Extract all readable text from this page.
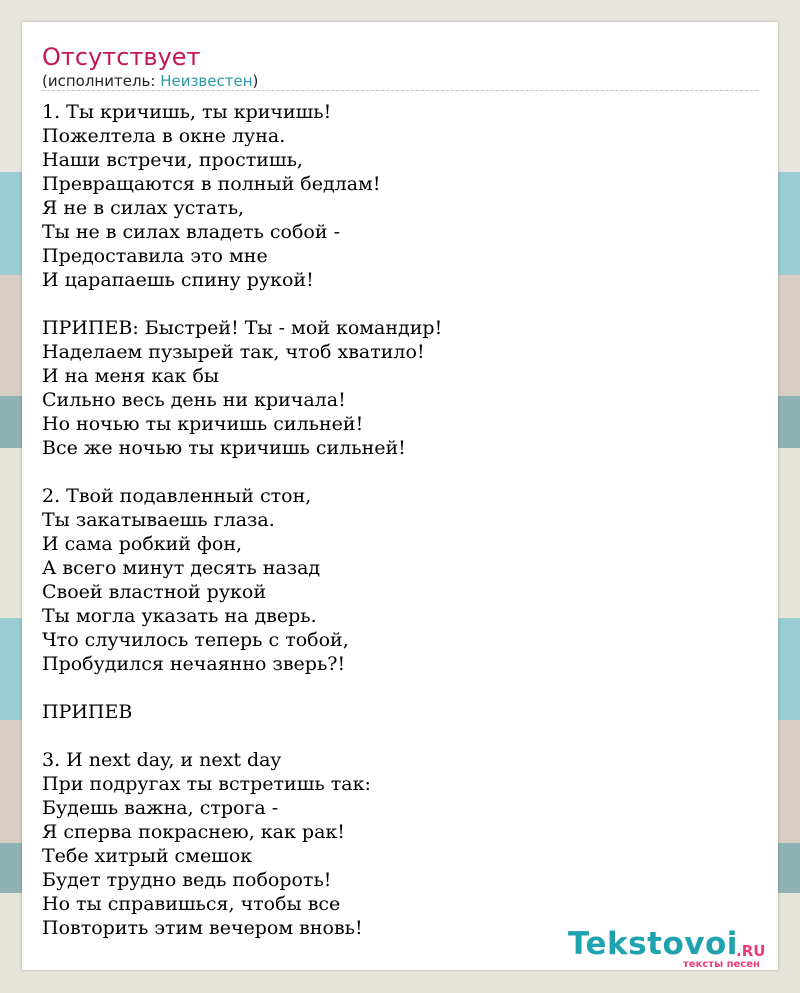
Отсутствует
(исполнитель: Неизвестен)
1. Ты кричишь, ты кричишь!
Пожелтела в окне луна.
Наши встречи, простишь,
Превращаются в полный бедлам!
Я не в силах устать,
Ты не в силах владеть собой -
Предоставила это мне
И царапаешь спину рукой!
ПРИПЕВ: Быстрей! Ты - мой командир!
Наделаем пузырей так, чтоб хватило!
И на меня как бы
Сильно весь день ни кричала!
Но ночью ты кричишь сильней!
Все же ночью ты кричишь сильней!
2. Твой подавленный стон,
Ты закатываешь глаза.
И сама робкий фон,
А всего минут десять назад
Своей властной рукой
Ты могла указать на дверь.
Что случилось теперь с тобой,
Пробудился нечаянно зверь?!
ПРИПЕВ
3. И next day, и next day
При подругах ты встретишь так:
Будешь важна, строга -
Я сперва покраснею, как рак!
Тебе хитрый смешок
Будет трудно ведь побороть!
Но ты справишься, чтобы все
Повторить этим вечером вновь!	Tekstovoi
.RU
тексты песен
